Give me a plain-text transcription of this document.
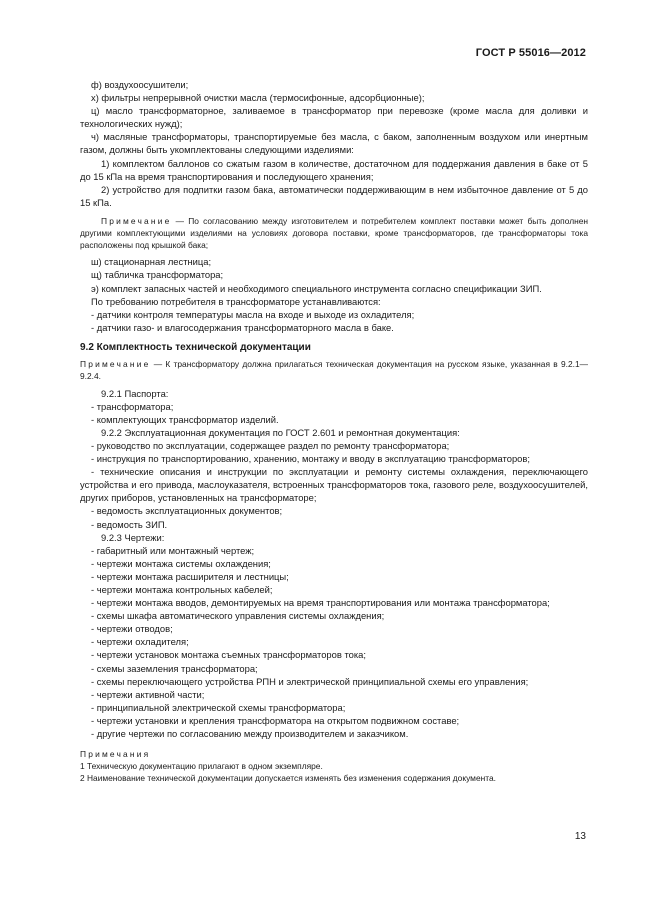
ГОСТ Р 55016—2012

ф) воздухоосушители;

х) фильтры непрерывной очистки масла (термосифонные, адсорбционные);

ц) масло трансформаторное, заливаемое в трансформатор при перевозке (кроме масла для доливки и технологических нужд);

ч) масляные трансформаторы, транспортируемые без масла, с баком, заполненным воздухом или инертным газом, должны быть укомплектованы следующими изделиями:

1) комплектом баллонов со сжатым газом в количестве, достаточном для поддержания давления в баке от 5 до 15 кПа на время транспортирования и последующего хранения;

2) устройство для подпитки газом бака, автоматически поддерживающим в нем избыточное давление от 5 до 15 кПа.

Примечание — По согласованию между изготовителем и потребителем комплект поставки может быть дополнен другими комплектующими изделиями на условиях договора поставки, кроме трансформаторов, где трансформаторы тока расположены под крышкой бака;

ш) стационарная лестница;

щ) табличка трансформатора;

э) комплект запасных частей и необходимого специального инструмента согласно спецификации ЗИП.

По требованию потребителя в трансформаторе устанавливаются:

- датчики контроля температуры масла на входе и выходе из охладителя;

- датчики газо- и влагосодержания трансформаторного масла в баке.

9.2 Комплектность технической документации

Примечание — К трансформатору должна прилагаться техническая документация на русском языке, указанная в 9.2.1—9.2.4.

9.2.1 Паспорта:

- трансформатора;

- комплектующих трансформатор изделий.

9.2.2 Эксплуатационная документация по ГОСТ 2.601 и ремонтная документация:

- руководство по эксплуатации, содержащее раздел по ремонту трансформатора;

- инструкция по транспортированию, хранению, монтажу и вводу в эксплуатацию трансформаторов;

- технические описания и инструкции по эксплуатации и ремонту системы охлаждения, переключающего устройства и его привода, маслоуказателя, встроенных трансформаторов тока, газового реле, воздухоосушителей, других приборов, установленных на трансформаторе;

- ведомость эксплуатационных документов;

- ведомость ЗИП.

9.2.3 Чертежи:

- габаритный или монтажный чертеж;

- чертежи монтажа системы охлаждения;

- чертежи монтажа расширителя и лестницы;

- чертежи монтажа контрольных кабелей;

- чертежи монтажа вводов, демонтируемых на время транспортирования или монтажа трансформатора;

- схемы шкафа автоматического управления системы охлаждения;

- чертежи отводов;

- чертежи охладителя;

- чертежи установок монтажа съемных трансформаторов тока;

- схемы заземления трансформатора;

- схемы переключающего устройства РПН и электрической принципиальной схемы его управления;

- чертежи активной части;

- принципиальной электрической схемы трансформатора;

- чертежи установки и крепления трансформатора на открытом подвижном составе;

- другие чертежи по согласованию между производителем и заказчиком.

Примечания

1 Техническую документацию прилагают в одном экземпляре.

2 Наименование технической документации допускается изменять без изменения содержания документа.

13
